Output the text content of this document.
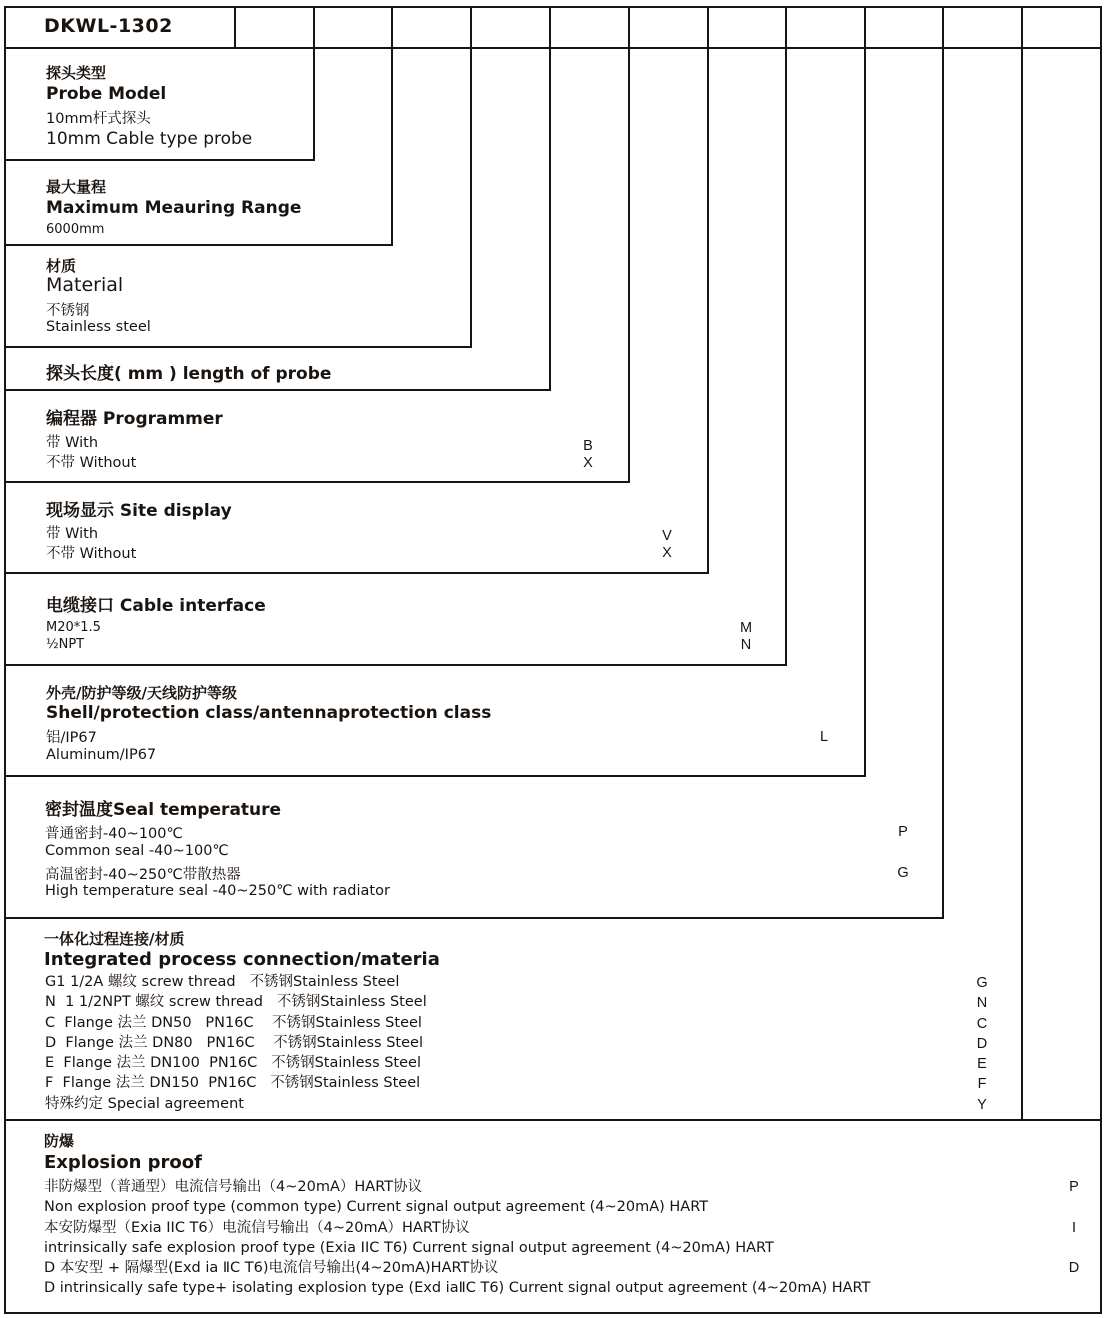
DKWL-1302
探头类型
Probe Model
10mm杆式探头
10mm Cable type probe
最大量程
Maximum Meauring Range
6000mm
材质
Material
不锈钢
Stainless steel
探头长度( mm ) length of probe
编程器 Programmer
带 With
不带 Without
B
X
现场显示 Site display
带 With
不带 Without
V
X
电缆接口 Cable interface
M20*1.5
½NPT
M
N
外壳/防护等级/天线防护等级
Shell/protection class/antennaprotection class
铝/IP67
Aluminum/IP67
L
密封温度Seal temperature
普通密封-40~100℃
Common seal -40~100℃
高温密封-40~250℃带散热器
High temperature seal -40~250℃ with radiator
P
G
一体化过程连接/材质
Integrated process connection/materia
G1 1/2A 螺纹 screw thread   不锈钢Stainless Steel
N  1 1/2NPT 螺纹 screw thread   不锈钢Stainless Steel
C  Flange 法兰 DN50   PN16C    不锈钢Stainless Steel
D  Flange 法兰 DN80   PN16C    不锈钢Stainless Steel
E  Flange 法兰 DN100  PN16C   不锈钢Stainless Steel
F  Flange 法兰 DN150  PN16C   不锈钢Stainless Steel
特殊约定 Special agreement
G
N
C
D
E
F
Y
防爆
Explosion proof
非防爆型（普通型）电流信号输出（4~20mA）HART协议
Non explosion proof type (common type) Current signal output agreement (4~20mA) HART
本安防爆型（Exia IIC T6）电流信号输出（4~20mA）HART协议
intrinsically safe explosion proof type (Exia IIC T6) Current signal output agreement (4~20mA) HART
D 本安型 + 隔爆型(Exd ia ⅡC T6)电流信号输出(4~20mA)HART协议
D intrinsically safe type+ isolating explosion type (Exd iaⅡC T6) Current signal output agreement (4~20mA) HART
P
I
D
